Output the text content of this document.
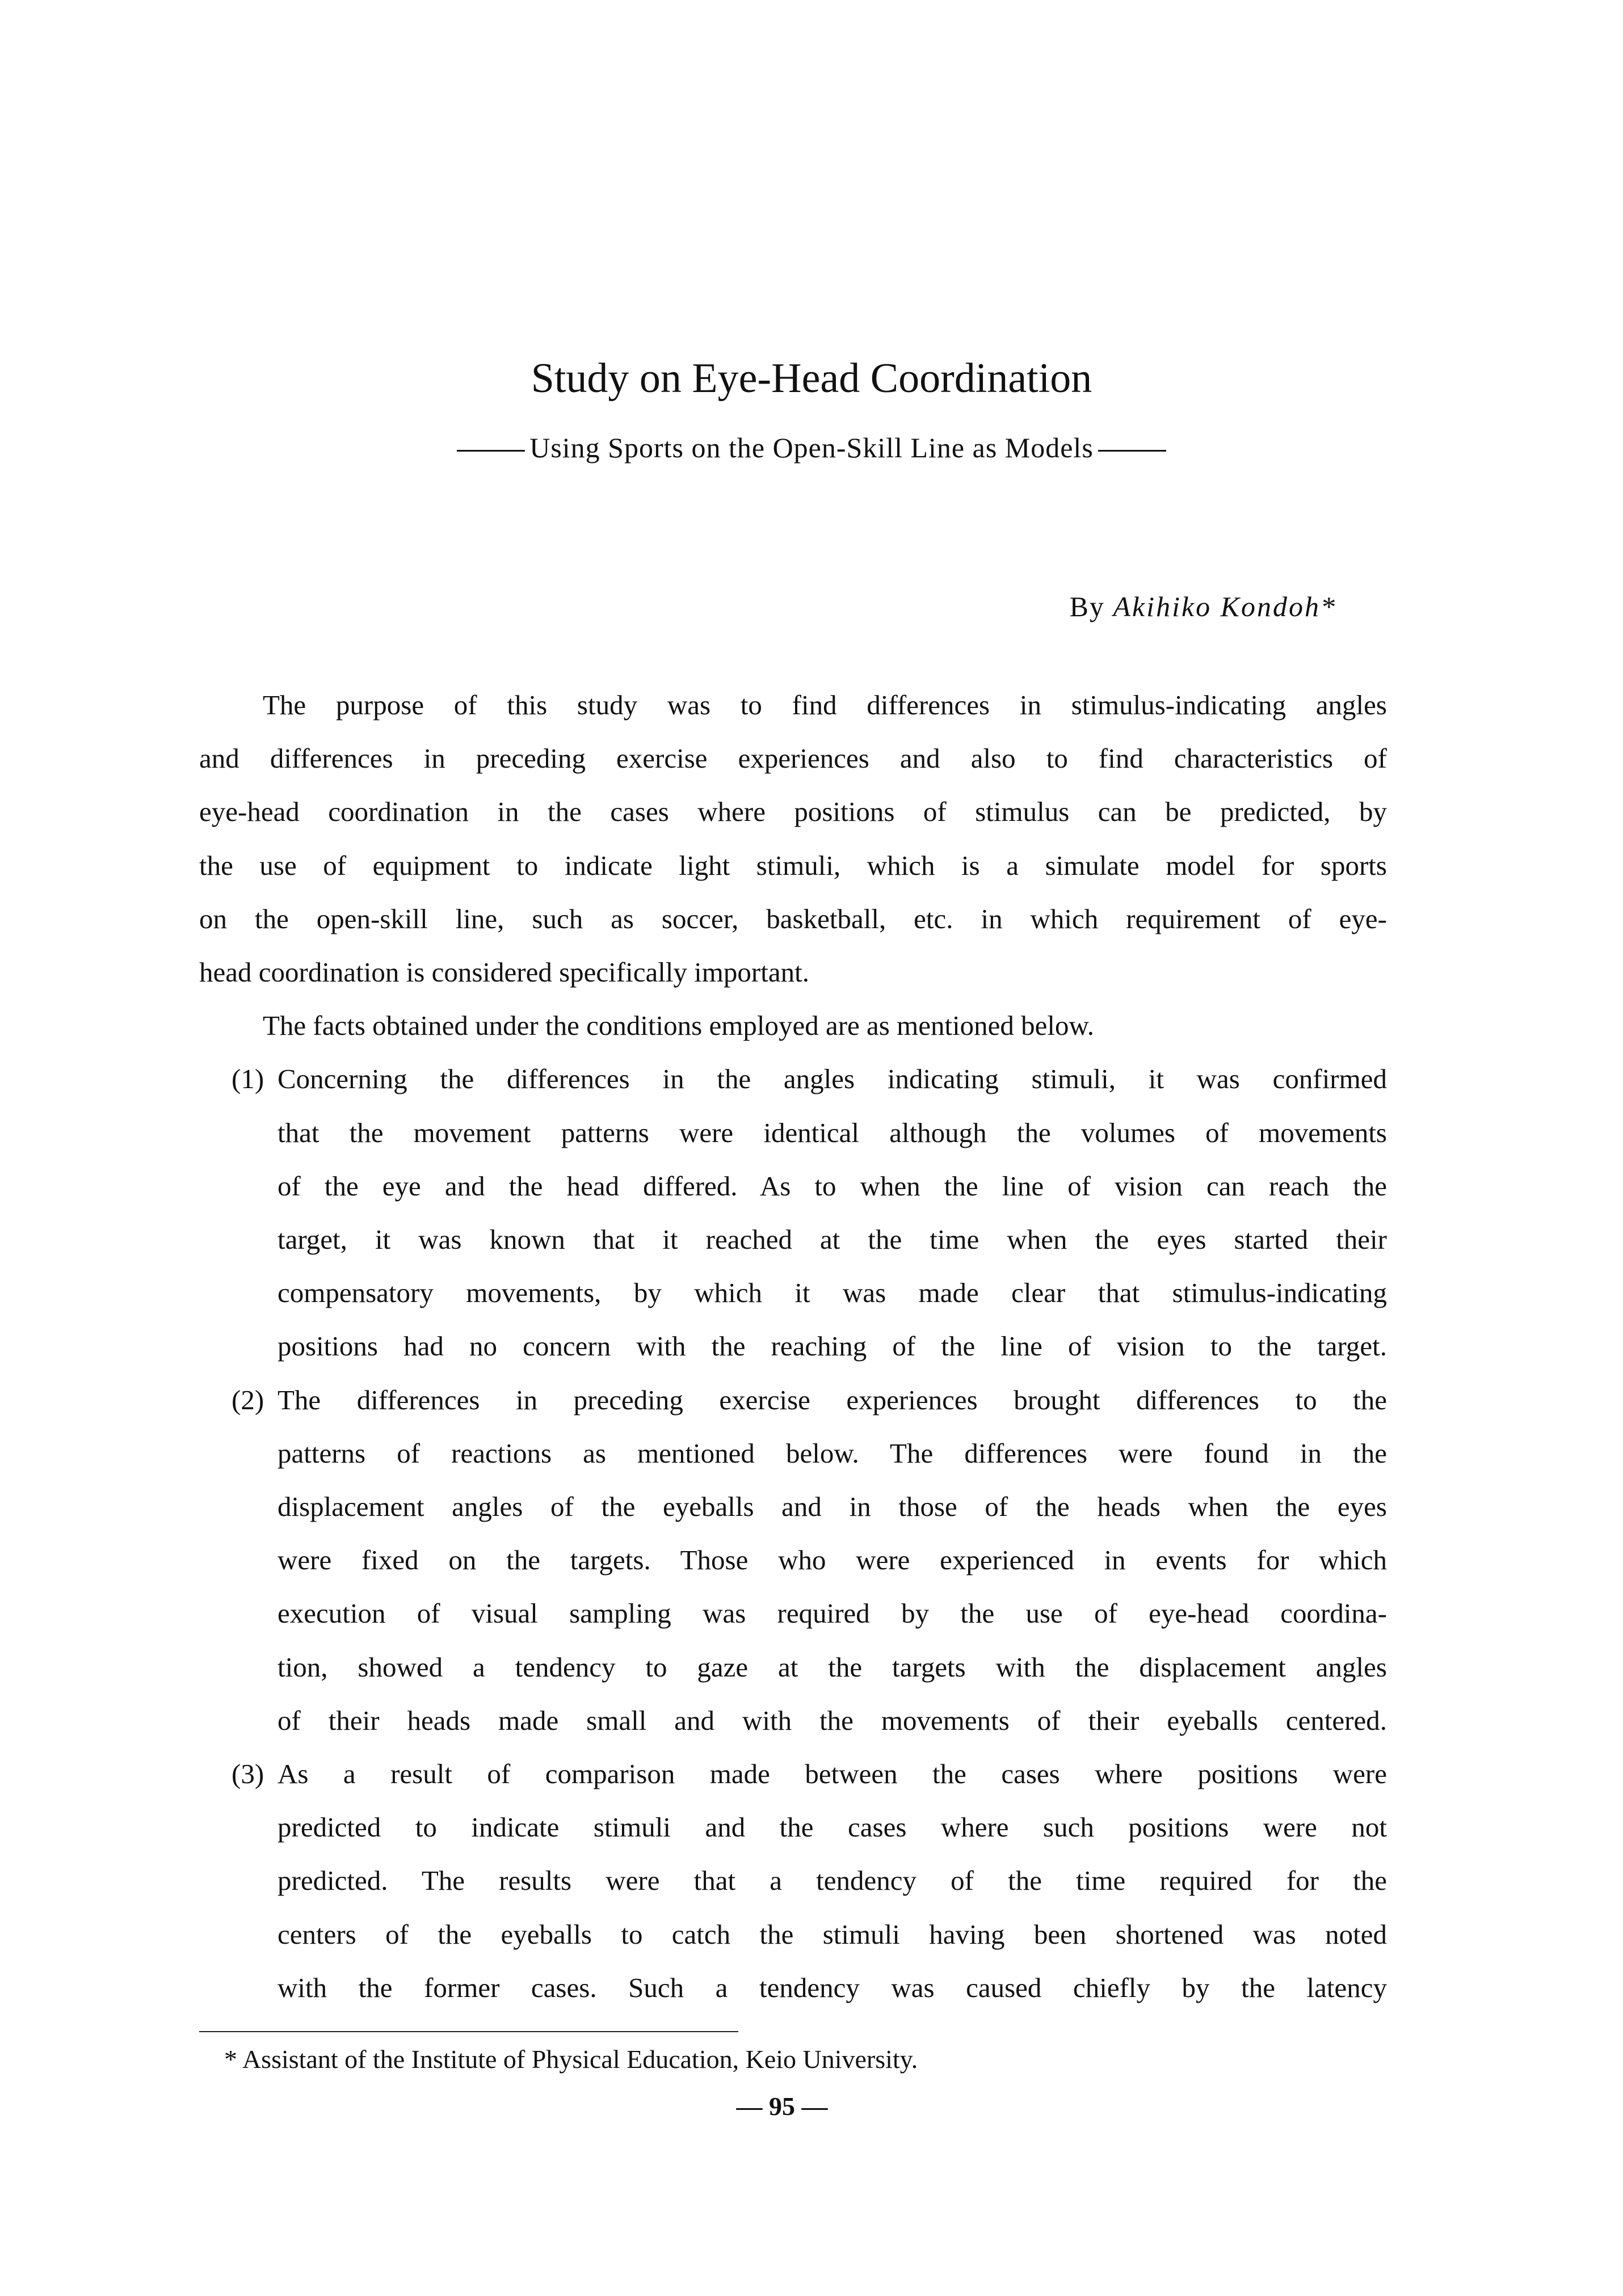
Study on Eye-Head Coordination
Using Sports on the Open-Skill Line as Models
By Akihiko Kondoh*
The purpose of this study was to find differences in stimulus-indicating angles
and differences in preceding exercise experiences and also to find characteristics of
eye-head coordination in the cases where positions of stimulus can be predicted, by
the use of equipment to indicate light stimuli, which is a simulate model for sports
on the open-skill line, such as soccer, basketball, etc. in which requirement of eye-
head coordination is considered specifically important.
The facts obtained under the conditions employed are as mentioned below.
(1) Concerning the differences in the angles indicating stimuli, it was confirmed
that the movement patterns were identical although the volumes of movements
of the eye and the head differed. As to when the line of vision can reach the
target, it was known that it reached at the time when the eyes started their
compensatory movements, by which it was made clear that stimulus-indicating
positions had no concern with the reaching of the line of vision to the target.
(2) The differences in preceding exercise experiences brought differences to the
patterns of reactions as mentioned below. The differences were found in the
displacement angles of the eyeballs and in those of the heads when the eyes
were fixed on the targets. Those who were experienced in events for which
execution of visual sampling was required by the use of eye-head coordina-
tion, showed a tendency to gaze at the targets with the displacement angles
of their heads made small and with the movements of their eyeballs centered.
(3) As a result of comparison made between the cases where positions were
predicted to indicate stimuli and the cases where such positions were not
predicted. The results were that a tendency of the time required for the
centers of the eyeballs to catch the stimuli having been shortened was noted
with the former cases. Such a tendency was caused chiefly by the latency
* Assistant of the Institute of Physical Education, Keio University.
— 95 —
